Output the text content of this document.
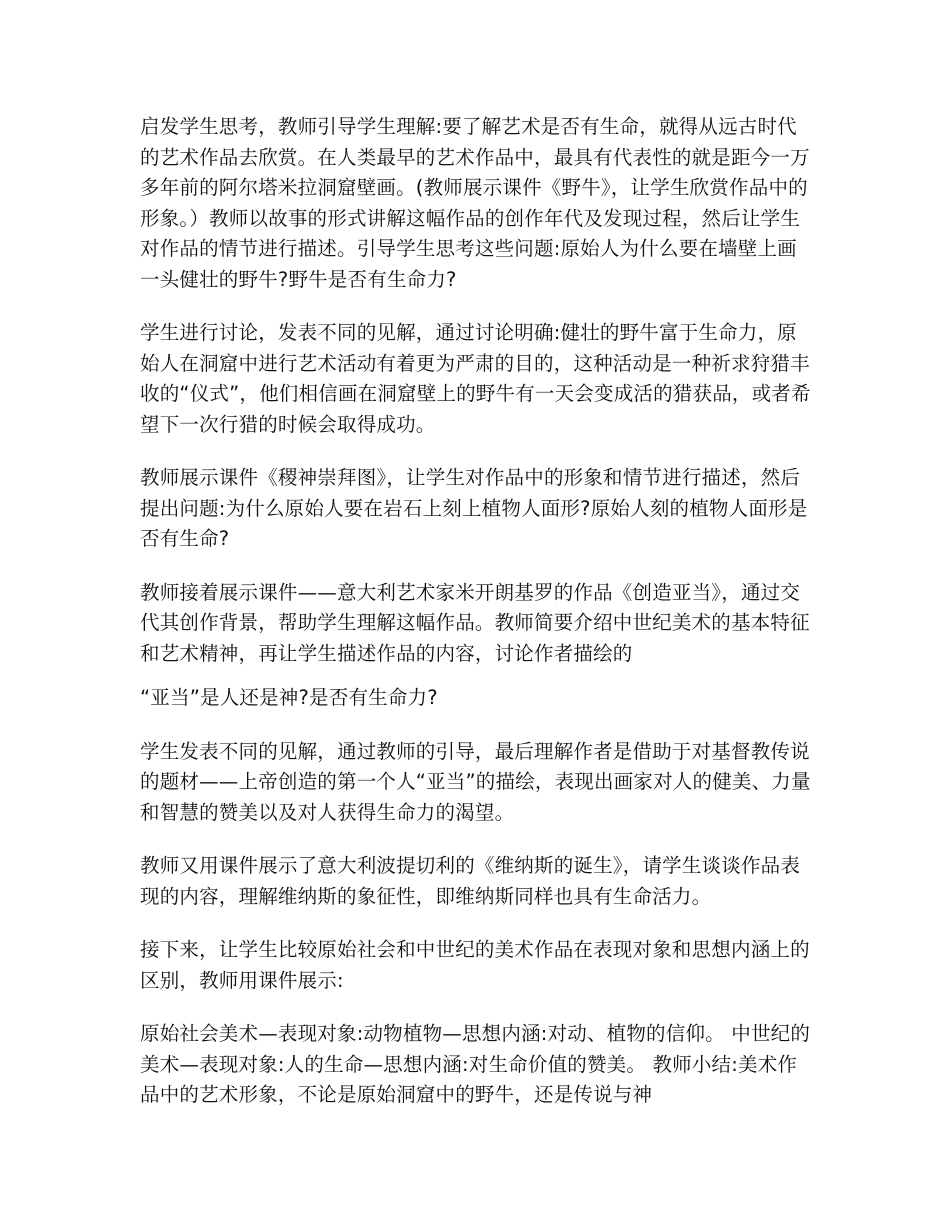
启发学生思考，教师引导学生理解:要了解艺术是否有生命，就得从远古时代的艺术作品去欣赏。在人类最早的艺术作品中，最具有代表性的就是距今一万多年前的阿尔塔米拉洞窟壁画。(教师展示课件《野牛》，让学生欣赏作品中的形象。）教师以故事的形式讲解这幅作品的创作年代及发现过程，然后让学生对作品的情节进行描述。引导学生思考这些问题:原始人为什么要在墙壁上画一头健壮的野牛?野牛是否有生命力?

学生进行讨论，发表不同的见解，通过讨论明确:健壮的野牛富于生命力，原始人在洞窟中进行艺术活动有着更为严肃的目的，这种活动是一种祈求狩猎丰收的“仪式”，他们相信画在洞窟壁上的野牛有一天会变成活的猎获品，或者希望下一次行猎的时候会取得成功。

教师展示课件《稷神崇拜图》，让学生对作品中的形象和情节进行描述，然后提出问题:为什么原始人要在岩石上刻上植物人面形?原始人刻的植物人面形是否有生命?

教师接着展示课件——意大利艺术家米开朗基罗的作品《创造亚当》，通过交代其创作背景，帮助学生理解这幅作品。教师简要介绍中世纪美术的基本特征和艺术精神，再让学生描述作品的内容，讨论作者描绘的

“亚当”是人还是神?是否有生命力?

学生发表不同的见解，通过教师的引导，最后理解作者是借助于对基督教传说的题材——上帝创造的第一个人“亚当”的描绘，表现出画家对人的健美、力量和智慧的赞美以及对人获得生命力的渴望。

教师又用课件展示了意大利波提切利的《维纳斯的诞生》，请学生谈谈作品表现的内容，理解维纳斯的象征性，即维纳斯同样也具有生命活力。

接下来，让学生比较原始社会和中世纪的美术作品在表现对象和思想内涵上的区别，教师用课件展示:

原始社会美术—表现对象:动物植物—思想内涵:对动、植物的信仰。 中世纪的美术—表现对象:人的生命—思想内涵:对生命价值的赞美。 教师小结:美术作品中的艺术形象，不论是原始洞窟中的野牛，还是传说与神
